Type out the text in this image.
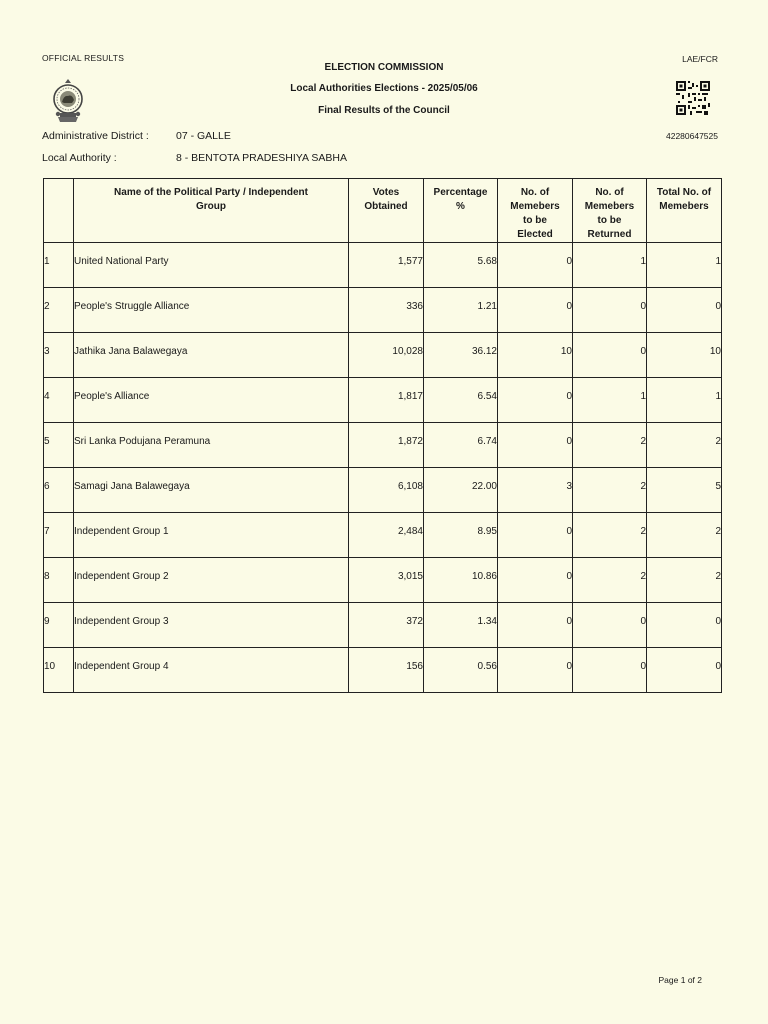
OFFICIAL RESULTS	LAE/FCR
ELECTION COMMISSION
Local Authorities Elections - 2025/05/06
Final Results of the Council
42280647525
Administrative District :	07 - GALLE
Local Authority :	8 - BENTOTA PRADESHIYA SABHA
	Name of the Political Party / Independent Group	Votes Obtained	Percentage %	No. of Memebers to be Elected	No. of Memebers to be Returned	Total No. of Memebers
1	United National Party	1,577	5.68	0	1	1
2	People's Struggle Alliance	336	1.21	0	0	0
3	Jathika Jana Balawegaya	10,028	36.12	10	0	10
4	People's Alliance	1,817	6.54	0	1	1
5	Sri Lanka Podujana Peramuna	1,872	6.74	0	2	2
6	Samagi Jana Balawegaya	6,108	22.00	3	2	5
7	Independent Group 1	2,484	8.95	0	2	2
8	Independent Group 2	3,015	10.86	0	2	2
9	Independent Group 3	372	1.34	0	0	0
10	Independent Group 4	156	0.56	0	0	0
Page 1 of 2
